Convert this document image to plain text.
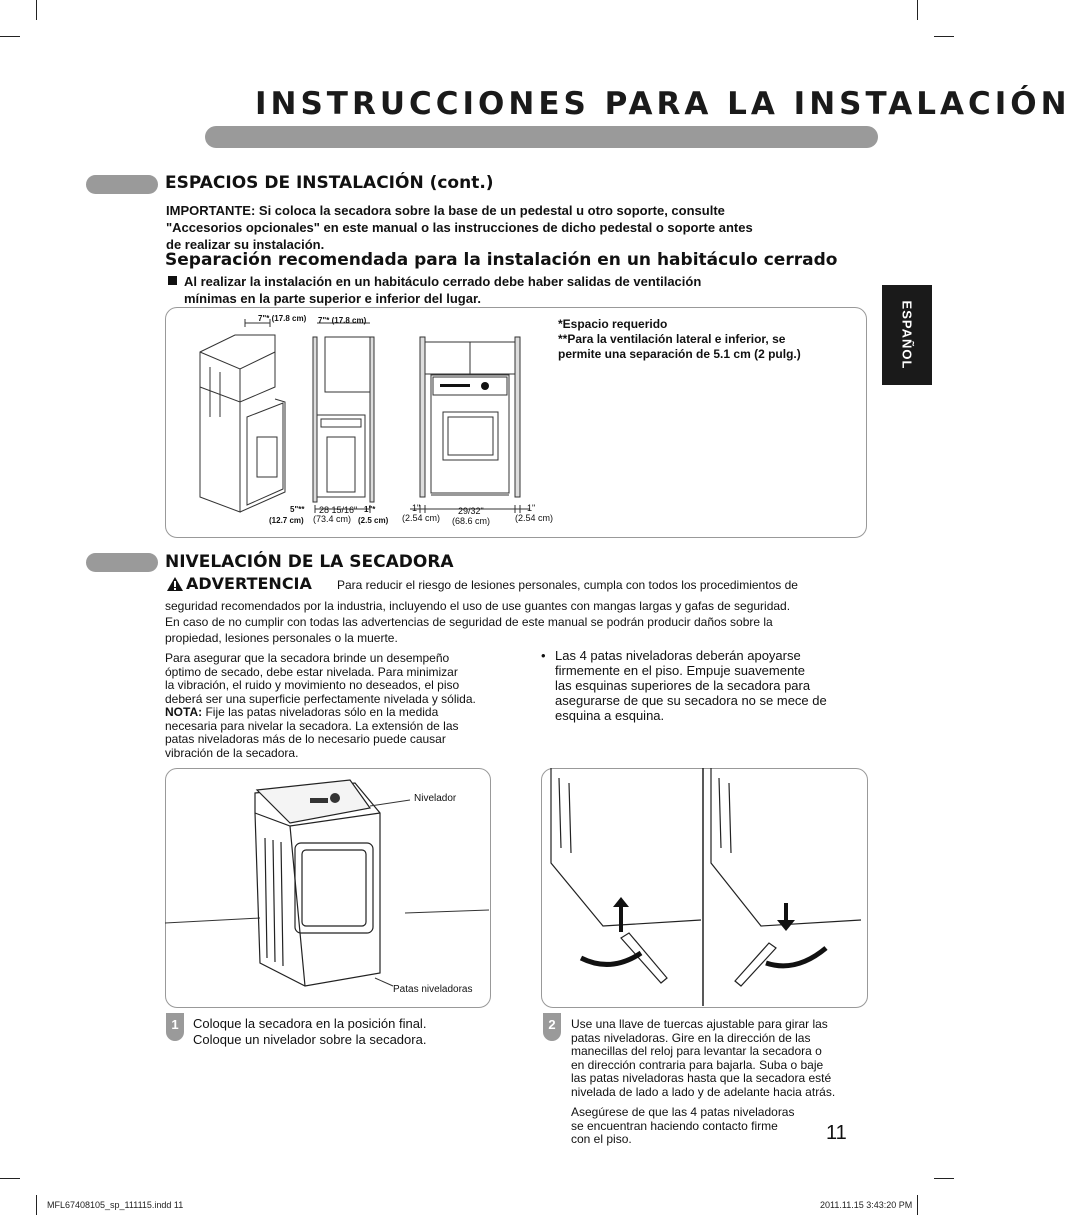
INSTRUCCIONES PARA LA INSTALACIÓN
ESPAÑOL
ESPACIOS DE INSTALACIÓN (cont.)
IMPORTANTE: Si coloca la secadora sobre la base de un pedestal u otro soporte, consulte
"Accesorios opcionales" en este manual o las instrucciones de dicho pedestal o soporte antes
de realizar su instalación.
Separación recomendada para la instalación en un habitáculo cerrado
Al realizar la instalación en un habitáculo cerrado debe haber salidas de ventilación
mínimas en la parte superior e inferior del lugar.
7"* (17.8 cm) 7"* (17.8 cm)
5"**
(12.7 cm)
28 15/16"
(73.4 cm)
1"*
(2.5 cm)
1"
(2.54 cm)
29/32"
(68.6 cm)
1"
(2.54 cm)
*Espacio requerido
**Para la ventilación lateral e inferior, se
permite una separación de 5.1 cm (2 pulg.)
NIVELACIÓN DE LA SECADORA
ADVERTENCIA Para reducir el riesgo de lesiones personales, cumpla con todos los procedimientos de
seguridad recomendados por la industria, incluyendo el uso de use guantes con mangas largas y gafas de seguridad.
En caso de no cumplir con todas las advertencias de seguridad de este manual se podrán producir daños sobre la
propiedad, lesiones personales o la muerte.
Para asegurar que la secadora brinde un desempeño
óptimo de secado, debe estar nivelada. Para minimizar
la vibración, el ruido y movimiento no deseados, el piso
deberá ser una superficie perfectamente nivelada y sólida.
NOTA: Fije las patas niveladoras sólo en la medida
necesaria para nivelar la secadora. La extensión de las
patas niveladoras más de lo necesario puede causar
vibración de la secadora.
• Las 4 patas niveladoras deberán apoyarse
firmemente en el piso. Empuje suavemente
las esquinas superiores de la secadora para
asegurarse de que su secadora no se mece de
esquina a esquina.
Nivelador
Patas niveladoras
1	Coloque la secadora en la posición final.
Coloque un nivelador sobre la secadora.
2	Use una llave de tuercas ajustable para girar las
patas niveladoras. Gire en la dirección de las
manecillas del reloj para levantar la secadora o
en dirección contraria para bajarla. Suba o baje
las patas niveladoras hasta que la secadora esté
nivelada de lado a lado y de adelante hacia atrás.
Asegúrese de que las 4 patas niveladoras
se encuentran haciendo contacto firme
con el piso.	11
MFL67408105_sp_111115.indd 11	2011.11.15 3:43:20 PM
